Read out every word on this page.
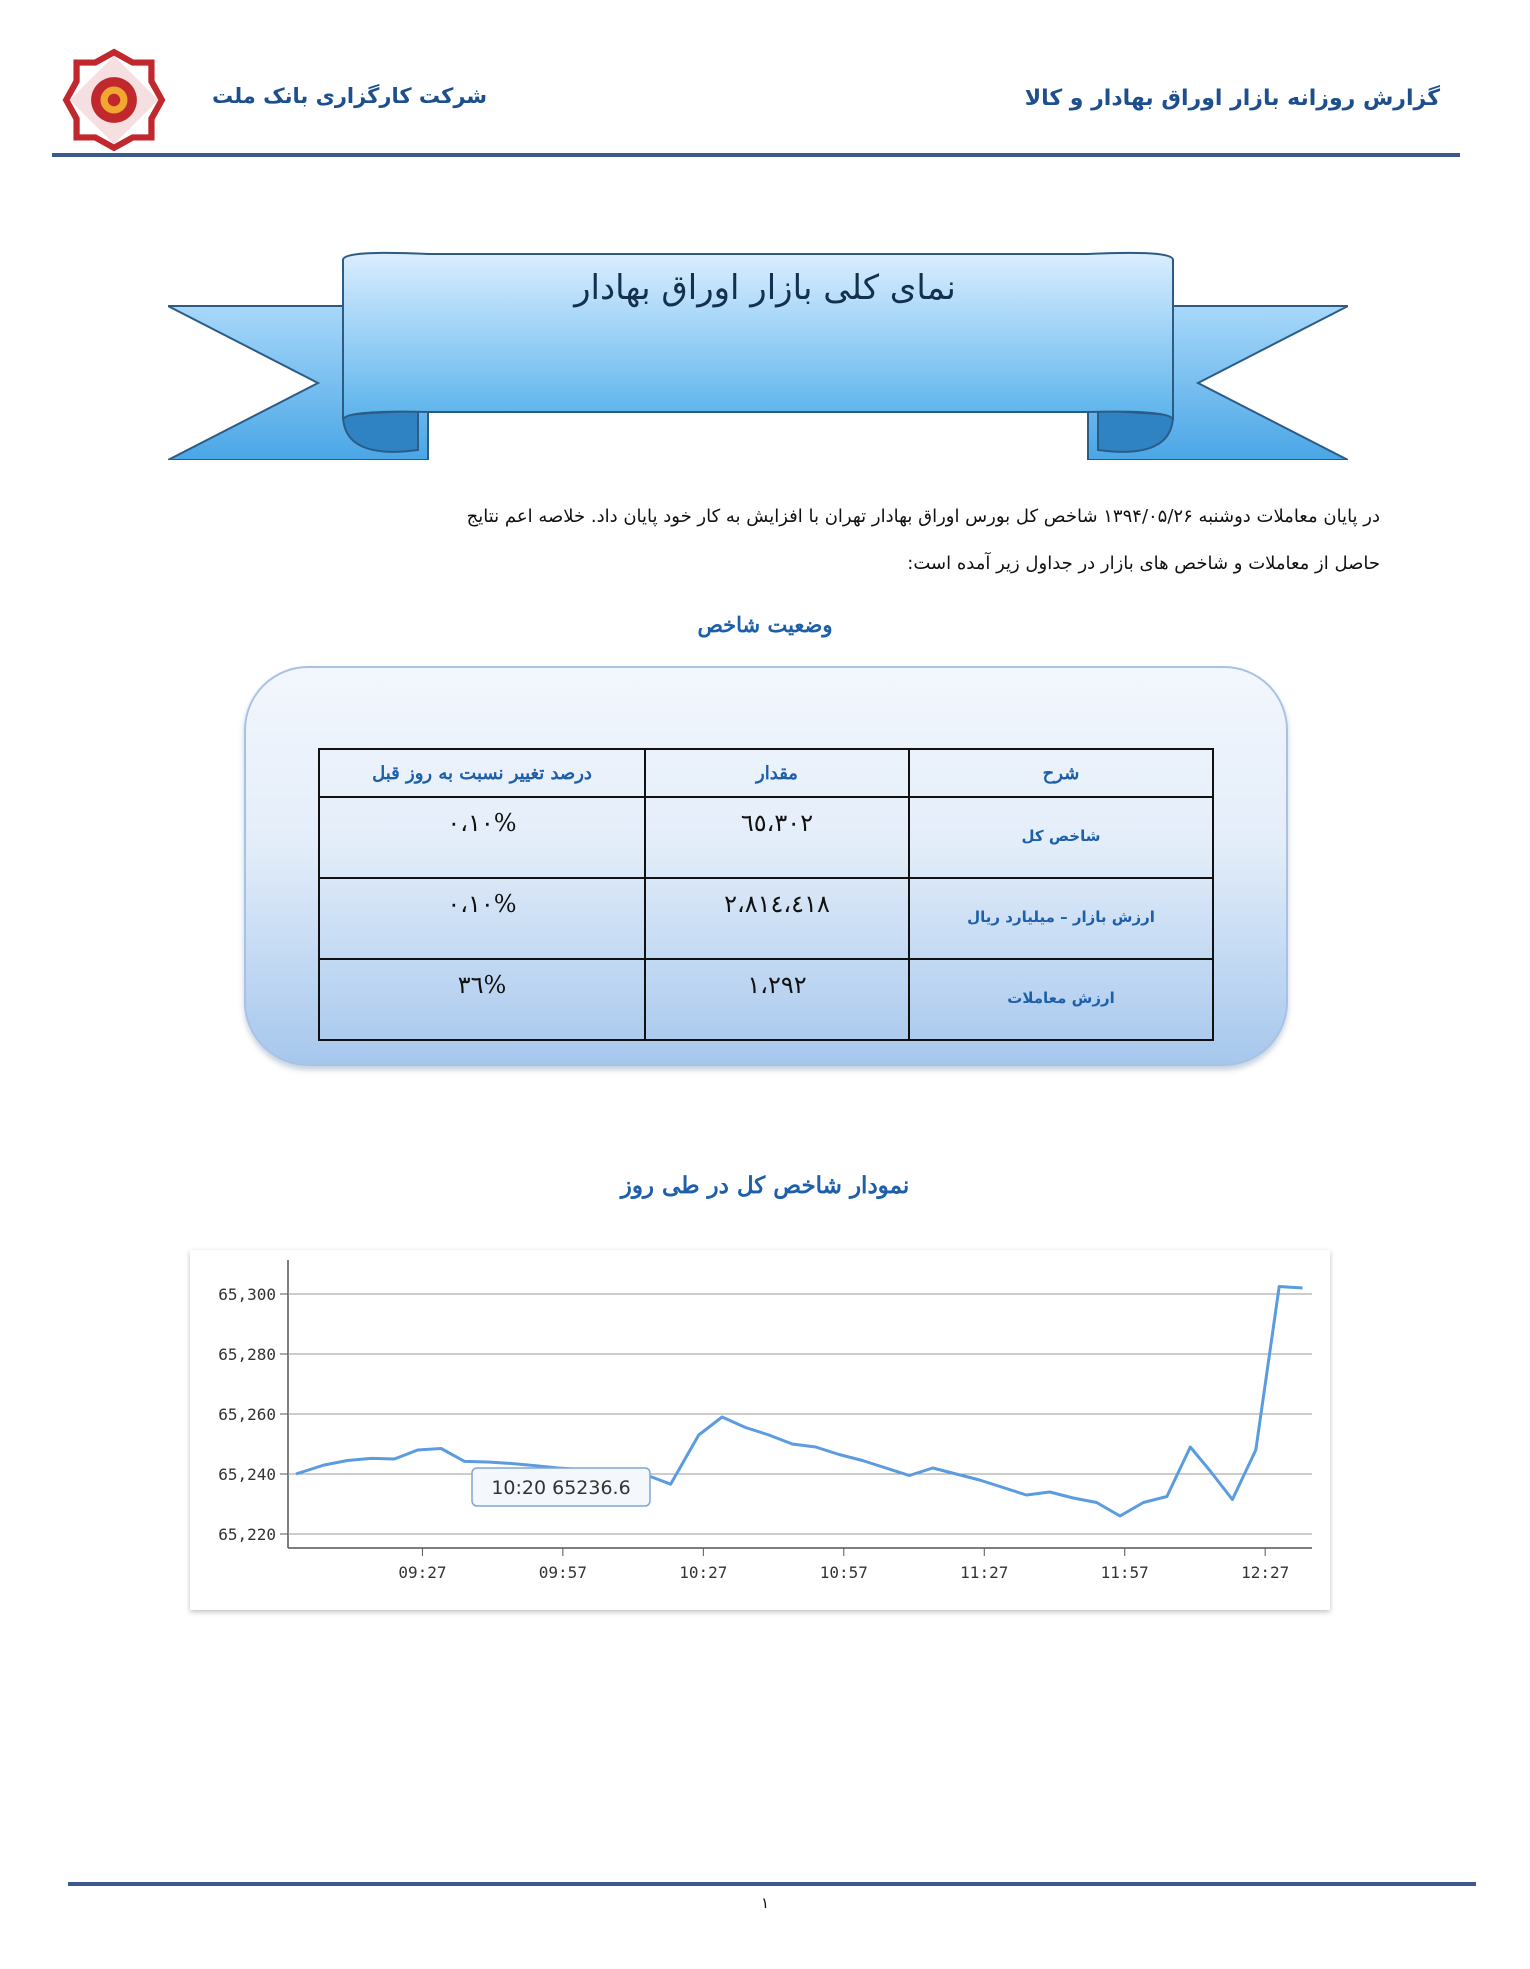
شرکت کارگزاری بانک ملت	گزارش روزانه بازار اوراق بهادار و کالا
نمای کلی بازار اوراق بهادار
در پایان معاملات دوشنبه ۱۳۹۴/۰۵/۲۶ شاخص کل بورس اوراق بهادار تهران با افزایش به کار خود پایان داد. خلاصه اعم نتایج
حاصل از معاملات و شاخص های بازار در جداول زیر آمده است:
وضعیت شاخص
شرح	مقدار	درصد تغییر نسبت به روز قبل

شاخص کل	٦٥،٣٠٢	%٠،١٠

ارزش بازار – میلیارد ریال	٢،٨١٤،٤١٨	%٠،١٠

ارزش معاملات	١،٢٩٢	%٣٦
نمودار شاخص کل در طی روز
65,220
65,240
65,260
65,280
65,300
09:27	09:57	10:27	10:57	11:27	11:57	12:27
10:20 65236.6
١
